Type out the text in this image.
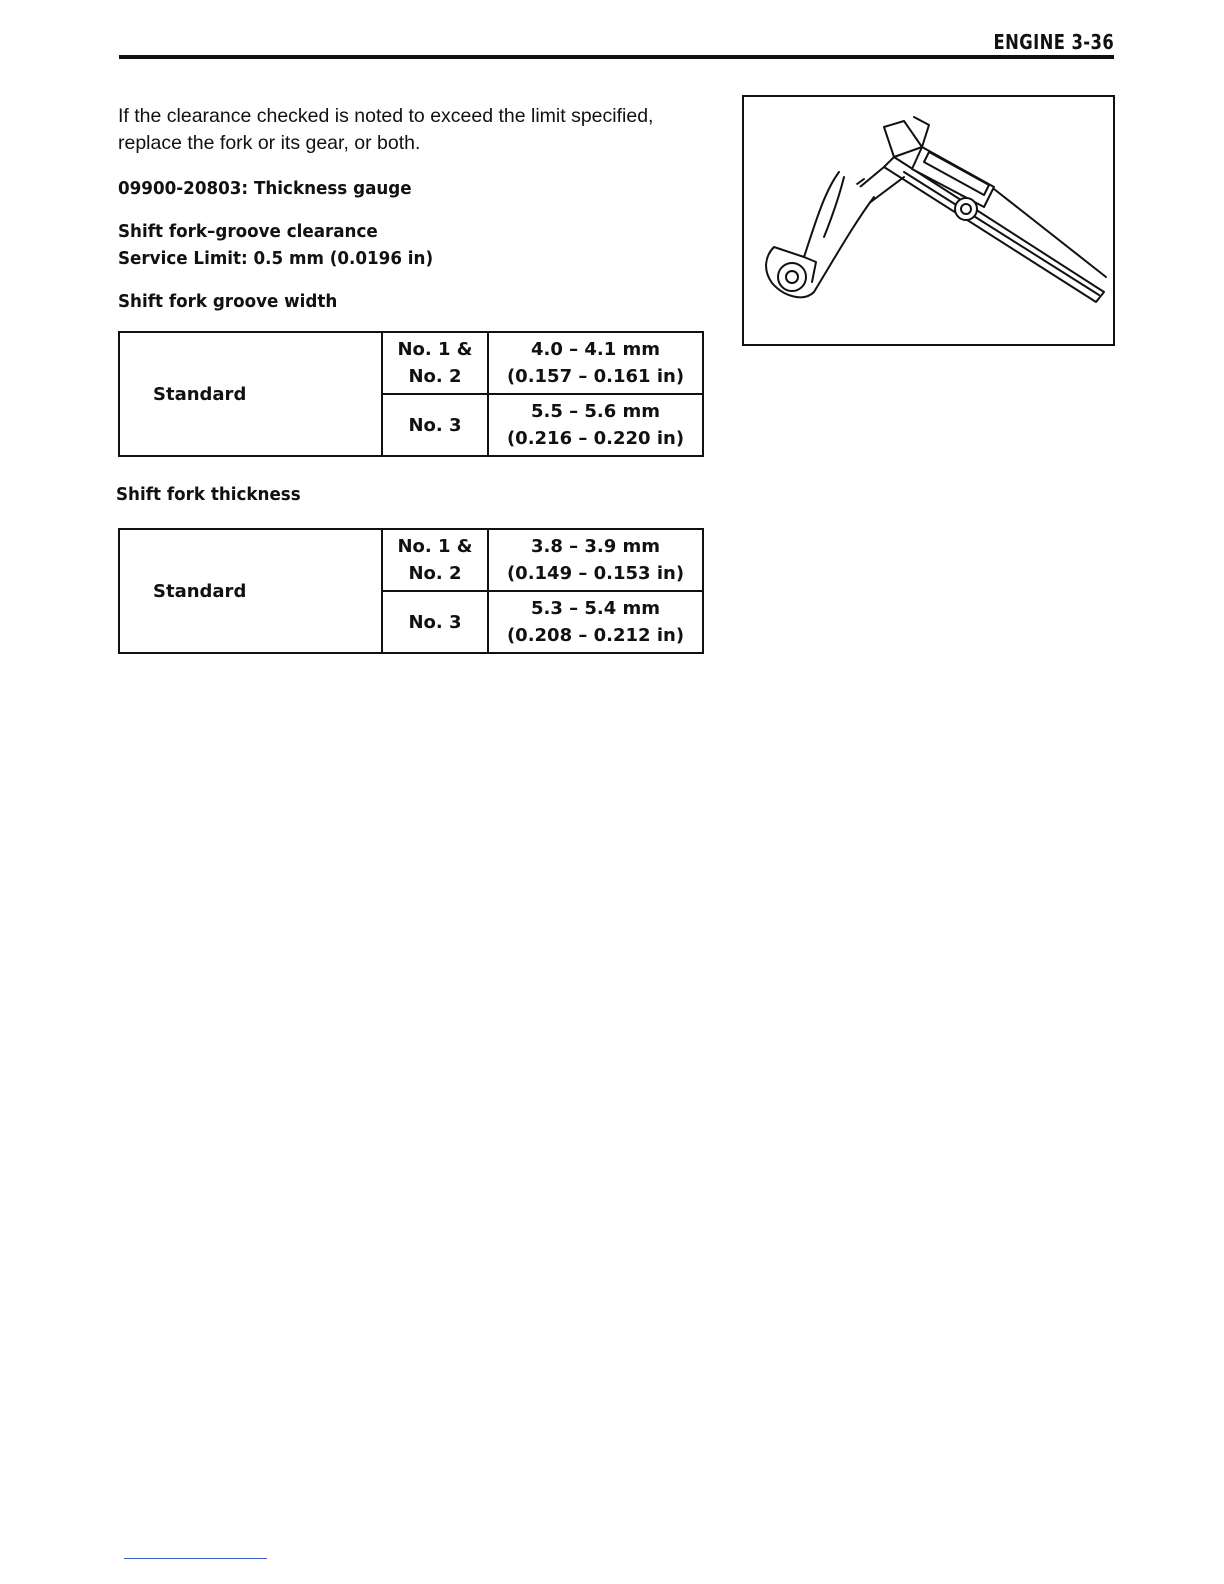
ENGINE 3-36

If the clearance checked is noted to exceed the limit specified, replace the fork or its gear, or both.

09900-20803: Thickness gauge
Shift fork–groove clearance
Service Limit: 0.5 mm (0.0196 in)
Shift fork groove width
Standard	No. 1 & No. 2	4.0 – 4.1 mm
(0.157 – 0.161 in)

	No. 3	5.5 – 5.6 mm
(0.216 – 0.220 in)
Shift fork thickness
Standard	No. 1 & No. 2	3.8 – 3.9 mm
(0.149 – 0.153 in)

	No. 3	5.3 – 5.4 mm
(0.208 – 0.212 in)
